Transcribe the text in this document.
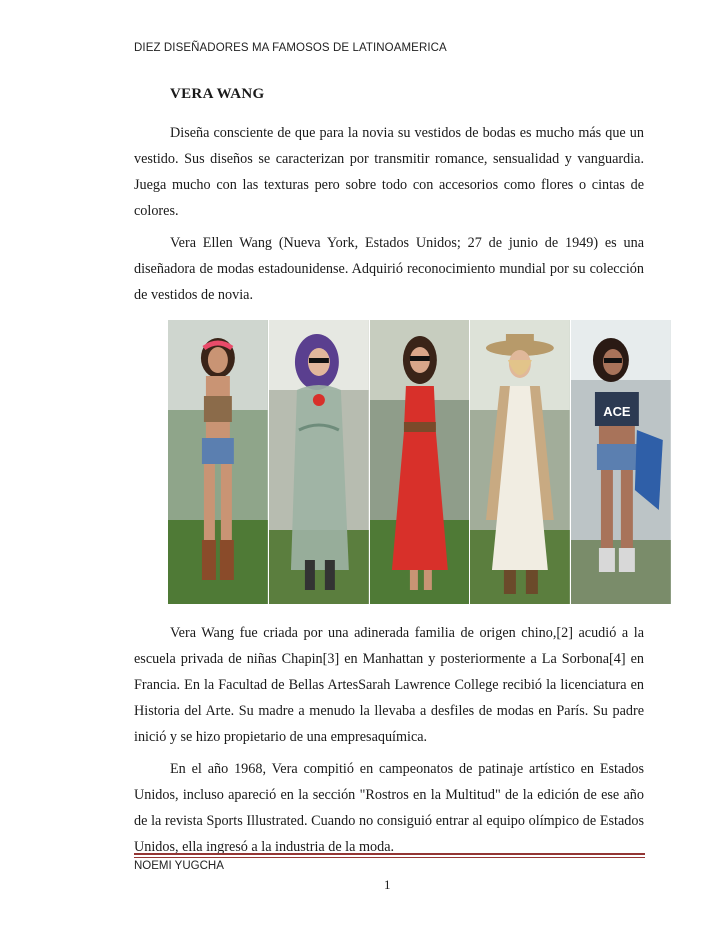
DIEZ DISEÑADORES MA FAMOSOS DE LATINOAMERICA
VERA WANG

Diseña consciente de que para la novia su vestidos de bodas es mucho más que un vestido. Sus diseños se caracterizan por transmitir romance, sensualidad y vanguardia. Juega mucho con las texturas pero sobre todo con accesorios como flores o cintas de colores.

Vera Ellen Wang (Nueva York, Estados Unidos; 27 de junio de 1949) es una diseñadora de modas estadounidense. Adquirió reconocimiento mundial por su colección de vestidos de novia.

ACE

Vera Wang fue criada por una adinerada familia de origen chino,[2] acudió a la escuela privada de niñas Chapin[3] en Manhattan y posteriormente a La Sorbona[4] en Francia. En la Facultad de Bellas ArtesSarah Lawrence College recibió la licenciatura en Historia del Arte. Su madre a menudo la llevaba a desfiles de modas en París. Su padre inició y se hizo propietario de una empresaquímica.

En el año 1968, Vera compitió en campeonatos de patinaje artístico en Estados Unidos, incluso apareció en la sección "Rostros en la Multitud" de la edición de ese año de la revista Sports Illustrated. Cuando no consiguió entrar al equipo olímpico de Estados Unidos, ella ingresó a la industria de la moda.

NOEMI YUGCHA
1
